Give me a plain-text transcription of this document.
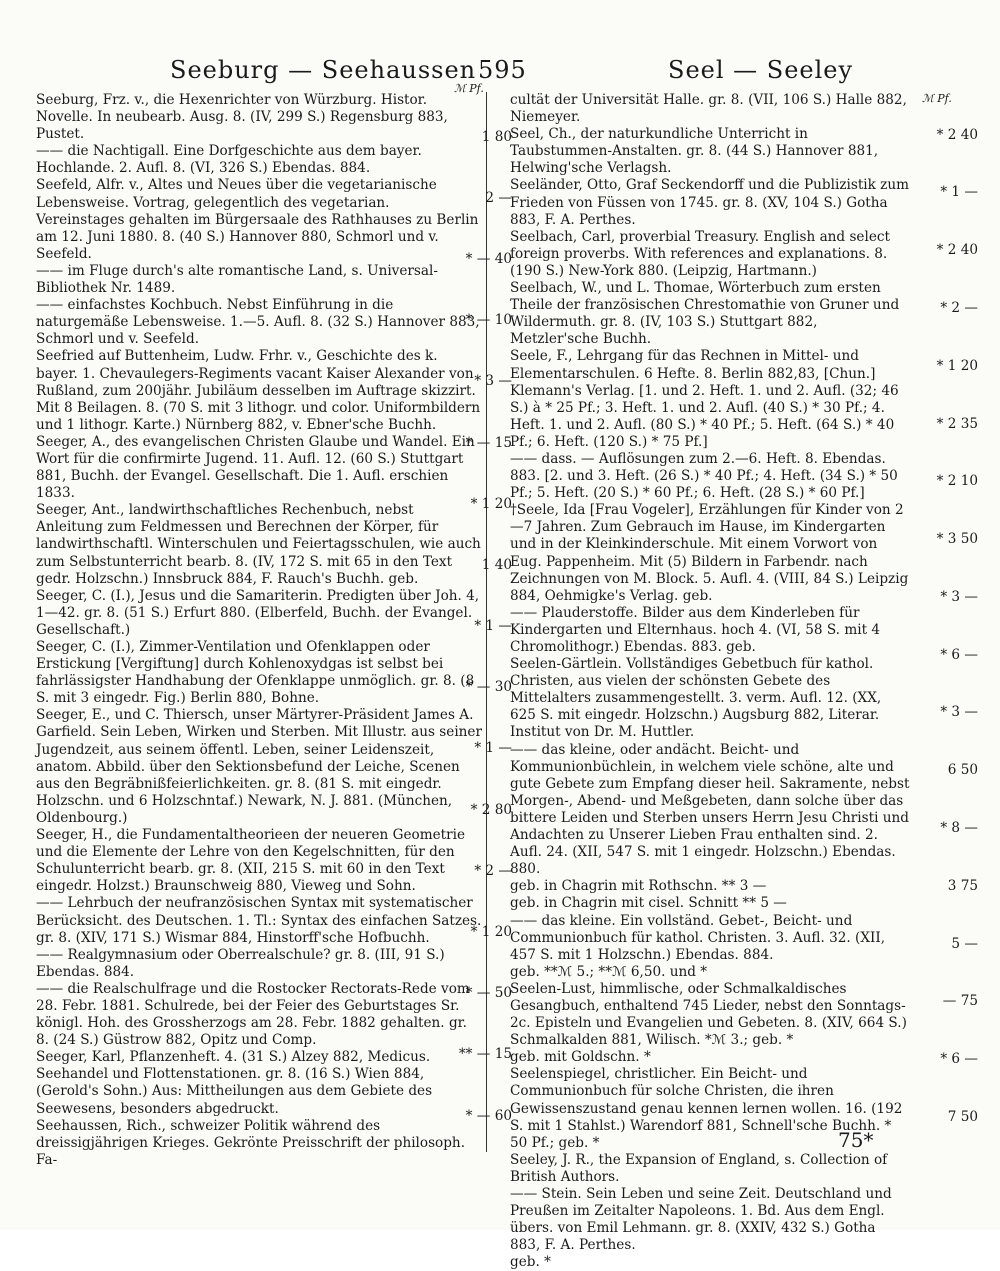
Seeburg — Seehaussen 595	Seel — Seeley
ℳ Pf.
ℳ Pf.
Seeburg, Frz. v., die Hexenrichter von Würzburg. Histor. Novelle. In neubearb. Ausg. 8. (IV, 299 S.) Regensburg 883, Pustet.
—— die Nachtigall. Eine Dorfgeschichte aus dem bayer. Hochlande. 2. Aufl. 8. (VI, 326 S.) Ebendas. 884.
Seefeld, Alfr. v., Altes und Neues über die vegetarianische Lebensweise. Vortrag, gelegentlich des vegetarian. Vereinstages gehalten im Bürgersaale des Rathhauses zu Berlin am 12. Juni 1880. 8. (40 S.) Hannover 880, Schmorl und v. Seefeld.
—— im Fluge durch's alte romantische Land, s. Universal-Bibliothek Nr. 1489.
—— einfachstes Kochbuch. Nebst Einführung in die naturgemäße Lebensweise. 1.—5. Aufl. 8. (32 S.) Hannover 883, Schmorl und v. Seefeld.
Seefried auf Buttenheim, Ludw. Frhr. v., Geschichte des k. bayer. 1. Chevaulegers-Regiments vacant Kaiser Alexander von Rußland, zum 200jähr. Jubiläum desselben im Auftrage skizzirt. Mit 8 Beilagen. 8. (70 S. mit 3 lithogr. und color. Uniformbildern und 1 lithogr. Karte.) Nürnberg 882, v. Ebner'sche Buchh.
Seeger, A., des evangelischen Christen Glaube und Wandel. Ein Wort für die confirmirte Jugend. 11. Aufl. 12. (60 S.) Stuttgart 881, Buchh. der Evangel. Gesellschaft. Die 1. Aufl. erschien 1833.
Seeger, Ant., landwirthschaftliches Rechenbuch, nebst Anleitung zum Feldmessen und Berechnen der Körper, für landwirthschaftl. Winterschulen und Feiertagsschulen, wie auch zum Selbstunterricht bearb. 8. (IV, 172 S. mit 65 in den Text gedr. Holzschn.) Innsbruck 884, F. Rauch's Buchh. geb.
Seeger, C. (I.), Jesus und die Samariterin. Predigten über Joh. 4, 1—42. gr. 8. (51 S.) Erfurt 880. (Elberfeld, Buchh. der Evangel. Gesellschaft.)
Seeger, C. (I.), Zimmer-Ventilation und Ofenklappen oder Erstickung [Vergiftung] durch Kohlenoxydgas ist selbst bei fahrlässigster Handhabung der Ofenklappe unmöglich. gr. 8. (8 S. mit 3 eingedr. Fig.) Berlin 880, Bohne.
Seeger, E., und C. Thiersch, unser Märtyrer-Präsident James A. Garfield. Sein Leben, Wirken und Sterben. Mit Illustr. aus seiner Jugendzeit, aus seinem öffentl. Leben, seiner Leidenszeit, anatom. Abbild. über den Sektionsbefund der Leiche, Scenen aus den Begräbnißfeierlichkeiten. gr. 8. (81 S. mit eingedr. Holzschn. und 6 Holzschntaf.) Newark, N. J. 881. (München, Oldenbourg.)
Seeger, H., die Fundamentaltheorieen der neueren Geometrie und die Elemente der Lehre von den Kegelschnitten, für den Schulunterricht bearb. gr. 8. (XII, 215 S. mit 60 in den Text eingedr. Holzst.) Braunschweig 880, Vieweg und Sohn.
—— Lehrbuch der neufranzösischen Syntax mit systematischer Berücksicht. des Deutschen. 1. Tl.: Syntax des einfachen Satzes. gr. 8. (XIV, 171 S.) Wismar 884, Hinstorff'sche Hofbuchh.
—— Realgymnasium oder Oberrealschule? gr. 8. (III, 91 S.) Ebendas. 884.
—— die Realschulfrage und die Rostocker Rectorats-Rede vom 28. Febr. 1881. Schulrede, bei der Feier des Geburtstages Sr. königl. Hoh. des Grossherzogs am 28. Febr. 1882 gehalten. gr. 8. (24 S.) Güstrow 882, Opitz und Comp.
Seeger, Karl, Pflanzenheft. 4. (31 S.) Alzey 882, Medicus.
Seehandel und Flottenstationen. gr. 8. (16 S.) Wien 884, (Gerold's Sohn.) Aus: Mittheilungen aus dem Gebiete des Seewesens, besonders abgedruckt.
Seehaussen, Rich., schweizer Politik während des dreissigjährigen Krieges. Gekrönte Preisschrift der philosoph. Fa-
1 80
2 —
* — 40
* — 10
* 3 —
* — 15
* 1 20
1 40
* 1 —
* — 30
* 1 —
* 2 80
* 2 —
* 1 20
* — 50
** — 15
* — 60
cultät der Universität Halle. gr. 8. (VII, 106 S.) Halle 882, Niemeyer.
Seel, Ch., der naturkundliche Unterricht in Taubstummen-Anstalten. gr. 8. (44 S.) Hannover 881, Helwing'sche Verlagsh.
Seeländer, Otto, Graf Seckendorff und die Publizistik zum Frieden von Füssen von 1745. gr. 8. (XV, 104 S.) Gotha 883, F. A. Perthes.
Seelbach, Carl, proverbial Treasury. English and select foreign proverbs. With references and explanations. 8. (190 S.) New-York 880. (Leipzig, Hartmann.)
Seelbach, W., und L. Thomae, Wörterbuch zum ersten Theile der französischen Chrestomathie von Gruner und Wildermuth. gr. 8. (IV, 103 S.) Stuttgart 882, Metzler'sche Buchh.
Seele, F., Lehrgang für das Rechnen in Mittel- und Elementarschulen. 6 Hefte. 8. Berlin 882,83, [Chun.] Klemann's Verlag. [1. und 2. Heft. 1. und 2. Aufl. (32; 46 S.) à * 25 Pf.; 3. Heft. 1. und 2. Aufl. (40 S.) * 30 Pf.; 4. Heft. 1. und 2. Aufl. (80 S.) * 40 Pf.; 5. Heft. (64 S.) * 40 Pf.; 6. Heft. (120 S.) * 75 Pf.]
—— dass. — Auflösungen zum 2.—6. Heft. 8. Ebendas. 883. [2. und 3. Heft. (26 S.) * 40 Pf.; 4. Heft. (34 S.) * 50 Pf.; 5. Heft. (20 S.) * 60 Pf.; 6. Heft. (28 S.) * 60 Pf.]
†Seele, Ida [Frau Vogeler], Erzählungen für Kinder von 2—7 Jahren. Zum Gebrauch im Hause, im Kindergarten und in der Kleinkinderschule. Mit einem Vorwort von Eug. Pappenheim. Mit (5) Bildern in Farbendr. nach Zeichnungen von M. Block. 5. Aufl. 4. (VIII, 84 S.) Leipzig 884, Oehmigke's Verlag. geb.
—— Plauderstoffe. Bilder aus dem Kinderleben für Kindergarten und Elternhaus. hoch 4. (VI, 58 S. mit 4 Chromolithogr.) Ebendas. 883. geb.
Seelen-Gärtlein. Vollständiges Gebetbuch für kathol. Christen, aus vielen der schönsten Gebete des Mittelalters zusammengestellt. 3. verm. Aufl. 12. (XX, 625 S. mit eingedr. Holzschn.) Augsburg 882, Literar. Institut von Dr. M. Huttler.
—— das kleine, oder andächt. Beicht- und Kommunionbüchlein, in welchem viele schöne, alte und gute Gebete zum Empfang dieser heil. Sakramente, nebst Morgen-, Abend- und Meßgebeten, dann solche über das bittere Leiden und Sterben unsers Herrn Jesu Christi und Andachten zu Unserer Lieben Frau enthalten sind. 2. Aufl. 24. (XII, 547 S. mit 1 eingedr. Holzschn.) Ebendas. 880.
geb. in Chagrin mit Rothschn. ** 3 —
geb. in Chagrin mit cisel. Schnitt ** 5 —
—— das kleine. Ein vollständ. Gebet-, Beicht- und Communionbuch für kathol. Christen. 3. Aufl. 32. (XII, 457 S. mit 1 Holzschn.) Ebendas. 884.
geb. **ℳ 5.; **ℳ 6,50. und *
Seelen-Lust, himmlische, oder Schmalkaldisches Gesangbuch, enthaltend 745 Lieder, nebst den Sonntags- 2c. Episteln und Evangelien und Gebeten. 8. (XIV, 664 S.) Schmalkalden 881, Wilisch. *ℳ 3.; geb. *
geb. mit Goldschn. *
Seelenspiegel, christlicher. Ein Beicht- und Communionbuch für solche Christen, die ihren Gewissenszustand genau kennen lernen wollen. 16. (192 S. mit 1 Stahlst.) Warendorf 881, Schnell'sche Buchh. * 50 Pf.; geb. *
Seeley, J. R., the Expansion of England, s. Collection of British Authors.
—— Stein. Sein Leben und seine Zeit. Deutschland und Preußen im Zeitalter Napoleons. 1. Bd. Aus dem Engl. übers. von Emil Lehmann. gr. 8. (XXIV, 432 S.) Gotha 883, F. A. Perthes.
geb. *
* 2 40
* 1 —
* 2 40
* 2 —
* 1 20
* 2 35
* 2 10
* 3 50
* 3 —
* 6 —
* 3 —
6 50
* 8 —
3 75
5 —
— 75
* 6 —
7 50
75*
